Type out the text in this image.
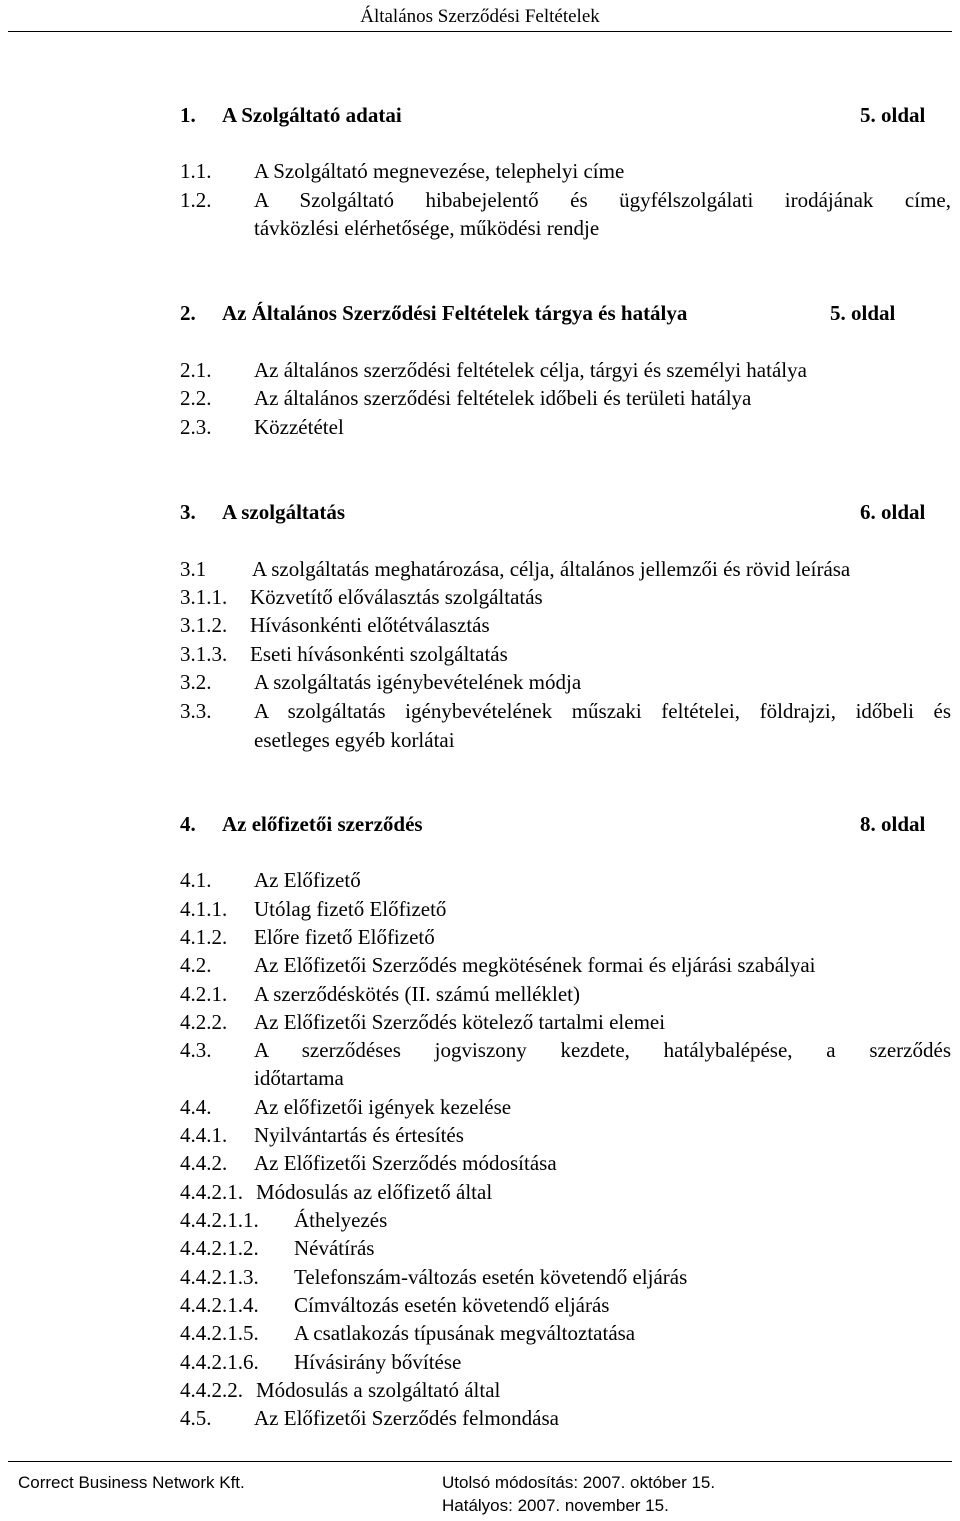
Általános Szerződési Feltételek
1. A Szolgáltató adatai	5. oldal
1.1. A Szolgáltató megnevezése, telephelyi címe
1.2. A Szolgáltató hibabejelentő és ügyfélszolgálati irodájának címe,
távközlési elérhetősége, működési rendje
2. Az Általános Szerződési Feltételek tárgya és hatálya	5. oldal
2.1. Az általános szerződési feltételek célja, tárgyi és személyi hatálya
2.2. Az általános szerződési feltételek időbeli és területi hatálya
2.3. Közzététel
3. A szolgáltatás	6. oldal
3.1 A szolgáltatás meghatározása, célja, általános jellemzői és rövid leírása
3.1.1. Közvetítő előválasztás szolgáltatás
3.1.2. Hívásonkénti előtétválasztás
3.1.3. Eseti hívásonkénti szolgáltatás
3.2. A szolgáltatás igénybevételének módja
3.3. A szolgáltatás igénybevételének műszaki feltételei, földrajzi, időbeli és
esetleges egyéb korlátai
4. Az előfizetői szerződés	8. oldal
4.1. Az Előfizető
4.1.1. Utólag fizető Előfizető
4.1.2. Előre fizető Előfizető
4.2. Az Előfizetői Szerződés megkötésének formai és eljárási szabályai
4.2.1. A szerződéskötés (II. számú melléklet)
4.2.2. Az Előfizetői Szerződés kötelező tartalmi elemei
4.3. A szerződéses jogviszony kezdete, hatálybalépése, a szerződés
időtartama
4.4. Az előfizetői igények kezelése
4.4.1. Nyilvántartás és értesítés
4.4.2. Az Előfizetői Szerződés módosítása
4.4.2.1. Módosulás az előfizető által
4.4.2.1.1. Áthelyezés
4.4.2.1.2. Névátírás
4.4.2.1.3. Telefonszám-változás esetén követendő eljárás
4.4.2.1.4. Címváltozás esetén követendő eljárás
4.4.2.1.5. A csatlakozás típusának megváltoztatása
4.4.2.1.6. Hívásirány bővítése
4.4.2.2. Módosulás a szolgáltató által
4.5. Az Előfizetői Szerződés felmondása
Correct Business Network Kft.	Utolsó módosítás: 2007. október 15.
Hatályos: 2007. november 15.
